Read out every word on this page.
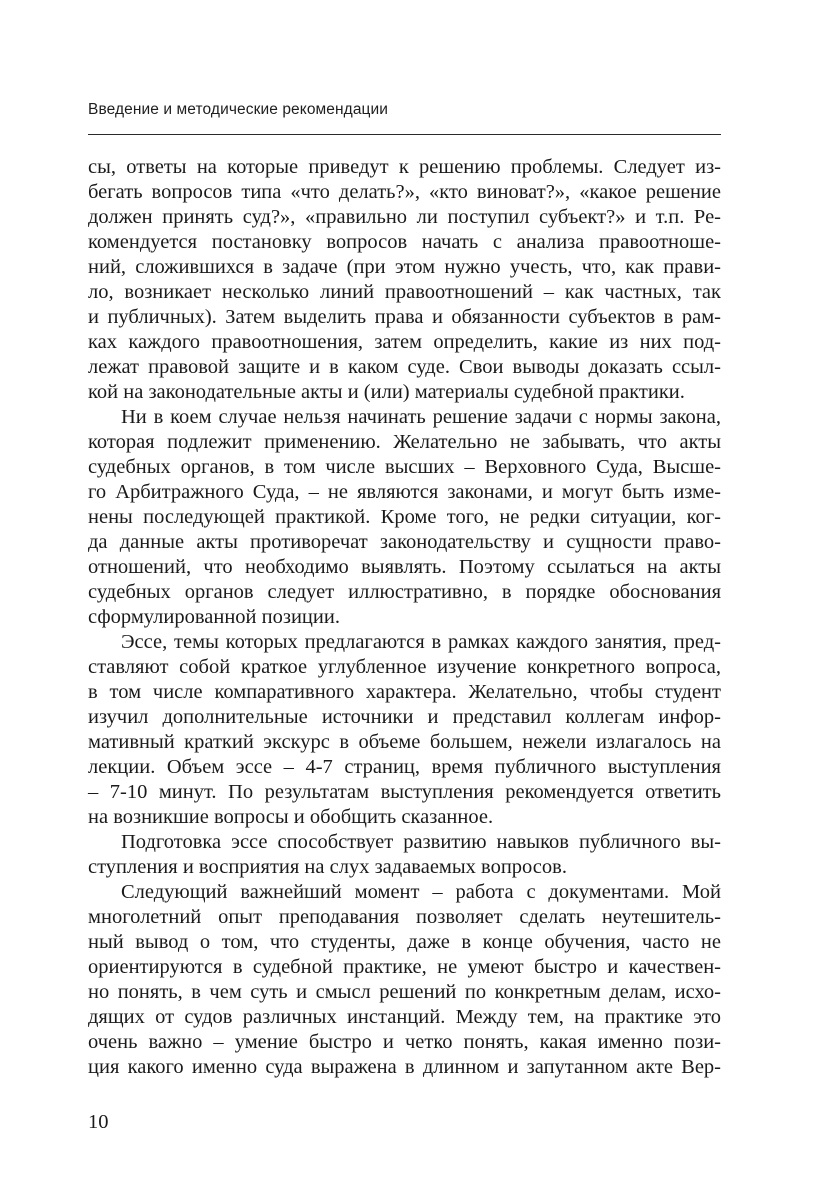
Введение и методические рекомендации
сы, ответы на которые приведут к решению проблемы. Следует из-
бегать вопросов типа «что делать?», «кто виноват?», «какое решение
должен принять суд?», «правильно ли поступил субъект?» и т.п. Ре-
комендуется постановку вопросов начать с анализа правоотноше-
ний, сложившихся в задаче (при этом нужно учесть, что, как прави-
ло, возникает несколько линий правоотношений – как частных, так
и публичных). Затем выделить права и обязанности субъектов в рам-
ках каждого правоотношения, затем определить, какие из них под-
лежат правовой защите и в каком суде. Свои выводы доказать ссыл-
кой на законодательные акты и (или) материалы судебной практики.
Ни в коем случае нельзя начинать решение задачи с нормы закона,
которая подлежит применению. Желательно не забывать, что акты
судебных органов, в том числе высших – Верховного Суда, Высше-
го Арбитражного Суда, – не являются законами, и могут быть изме-
нены последующей практикой. Кроме того, не редки ситуации, ког-
да данные акты противоречат законодательству и сущности право-
отношений, что необходимо выявлять. Поэтому ссылаться на акты
судебных органов следует иллюстративно, в порядке обоснования
сформулированной позиции.
Эссе, темы которых предлагаются в рамках каждого занятия, пред-
ставляют собой краткое углубленное изучение конкретного вопроса,
в том числе компаративного характера. Желательно, чтобы студент
изучил дополнительные источники и представил коллегам инфор-
мативный краткий экскурс в объеме большем, нежели излагалось на
лекции. Объем эссе – 4-7 страниц, время публичного выступления
– 7-10 минут. По результатам выступления рекомендуется ответить
на возникшие вопросы и обобщить сказанное.
Подготовка эссе способствует развитию навыков публичного вы-
ступления и восприятия на слух задаваемых вопросов.
Следующий важнейший момент – работа с документами. Мой
многолетний опыт преподавания позволяет сделать неутешитель-
ный вывод о том, что студенты, даже в конце обучения, часто не
ориентируются в судебной практике, не умеют быстро и качествен-
но понять, в чем суть и смысл решений по конкретным делам, исхо-
дящих от судов различных инстанций. Между тем, на практике это
очень важно – умение быстро и четко понять, какая именно пози-
ция какого именно суда выражена в длинном и запутанном акте Вер-
10
